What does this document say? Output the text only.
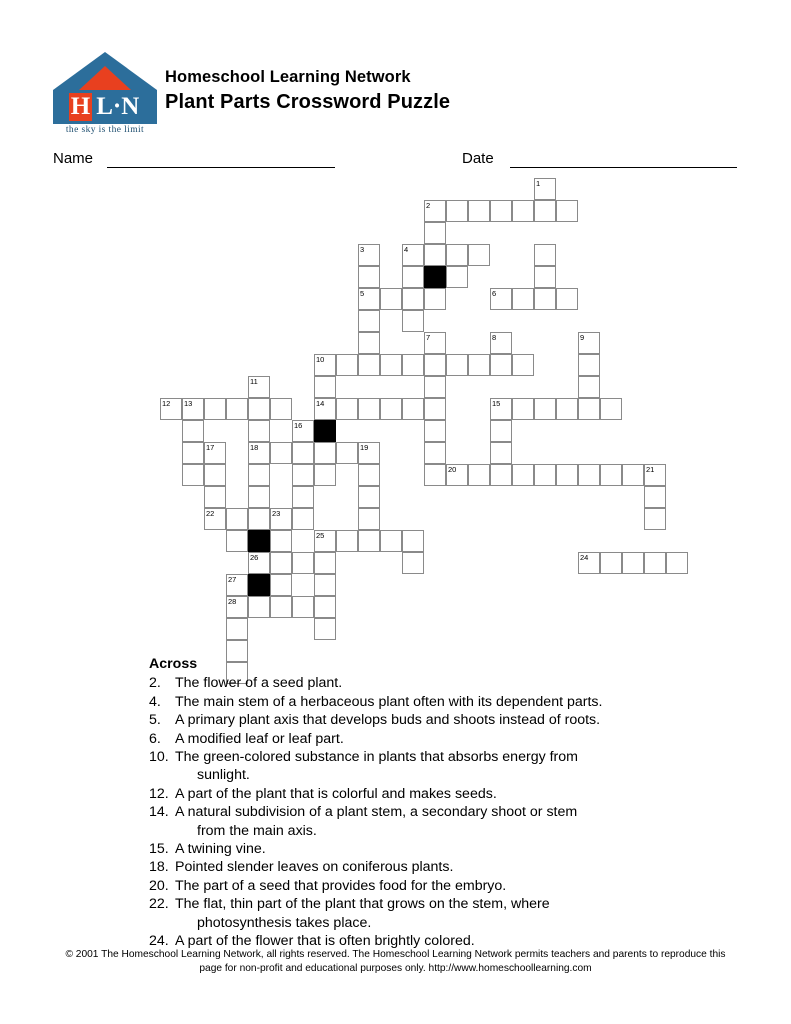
H L·N
the sky is the limit
Homeschool Learning Network
Plant Parts Crossword Puzzle
Name	Date
1
2
3	4
5	6
7	8	9
10
11
12 13	14	15
16
17	18	19
20	21
22	23
25
26	24
27
28
Across
2. The flower of a seed plant.
4. The main stem of a herbaceous plant often with its dependent parts.
5. A primary plant axis that develops buds and shoots instead of roots.
6. A modified leaf or leaf part.
10. The green-colored substance in plants that absorbs energy from
sunlight.
12. A part of the plant that is colorful and makes seeds.
14. A natural subdivision of a plant stem, a secondary shoot or stem
from the main axis.
15. A twining vine.
18. Pointed slender leaves on coniferous plants.
20. The part of a seed that provides food for the embryo.
22. The flat, thin part of the plant that grows on the stem, where
photosynthesis takes place.
24. A part of the flower that is often brightly colored.
© 2001 The Homeschool Learning Network, all rights reserved. The Homeschool Learning Network permits teachers and parents to reproduce this
page for non-profit and educational purposes only. http://www.homeschoollearning.com
